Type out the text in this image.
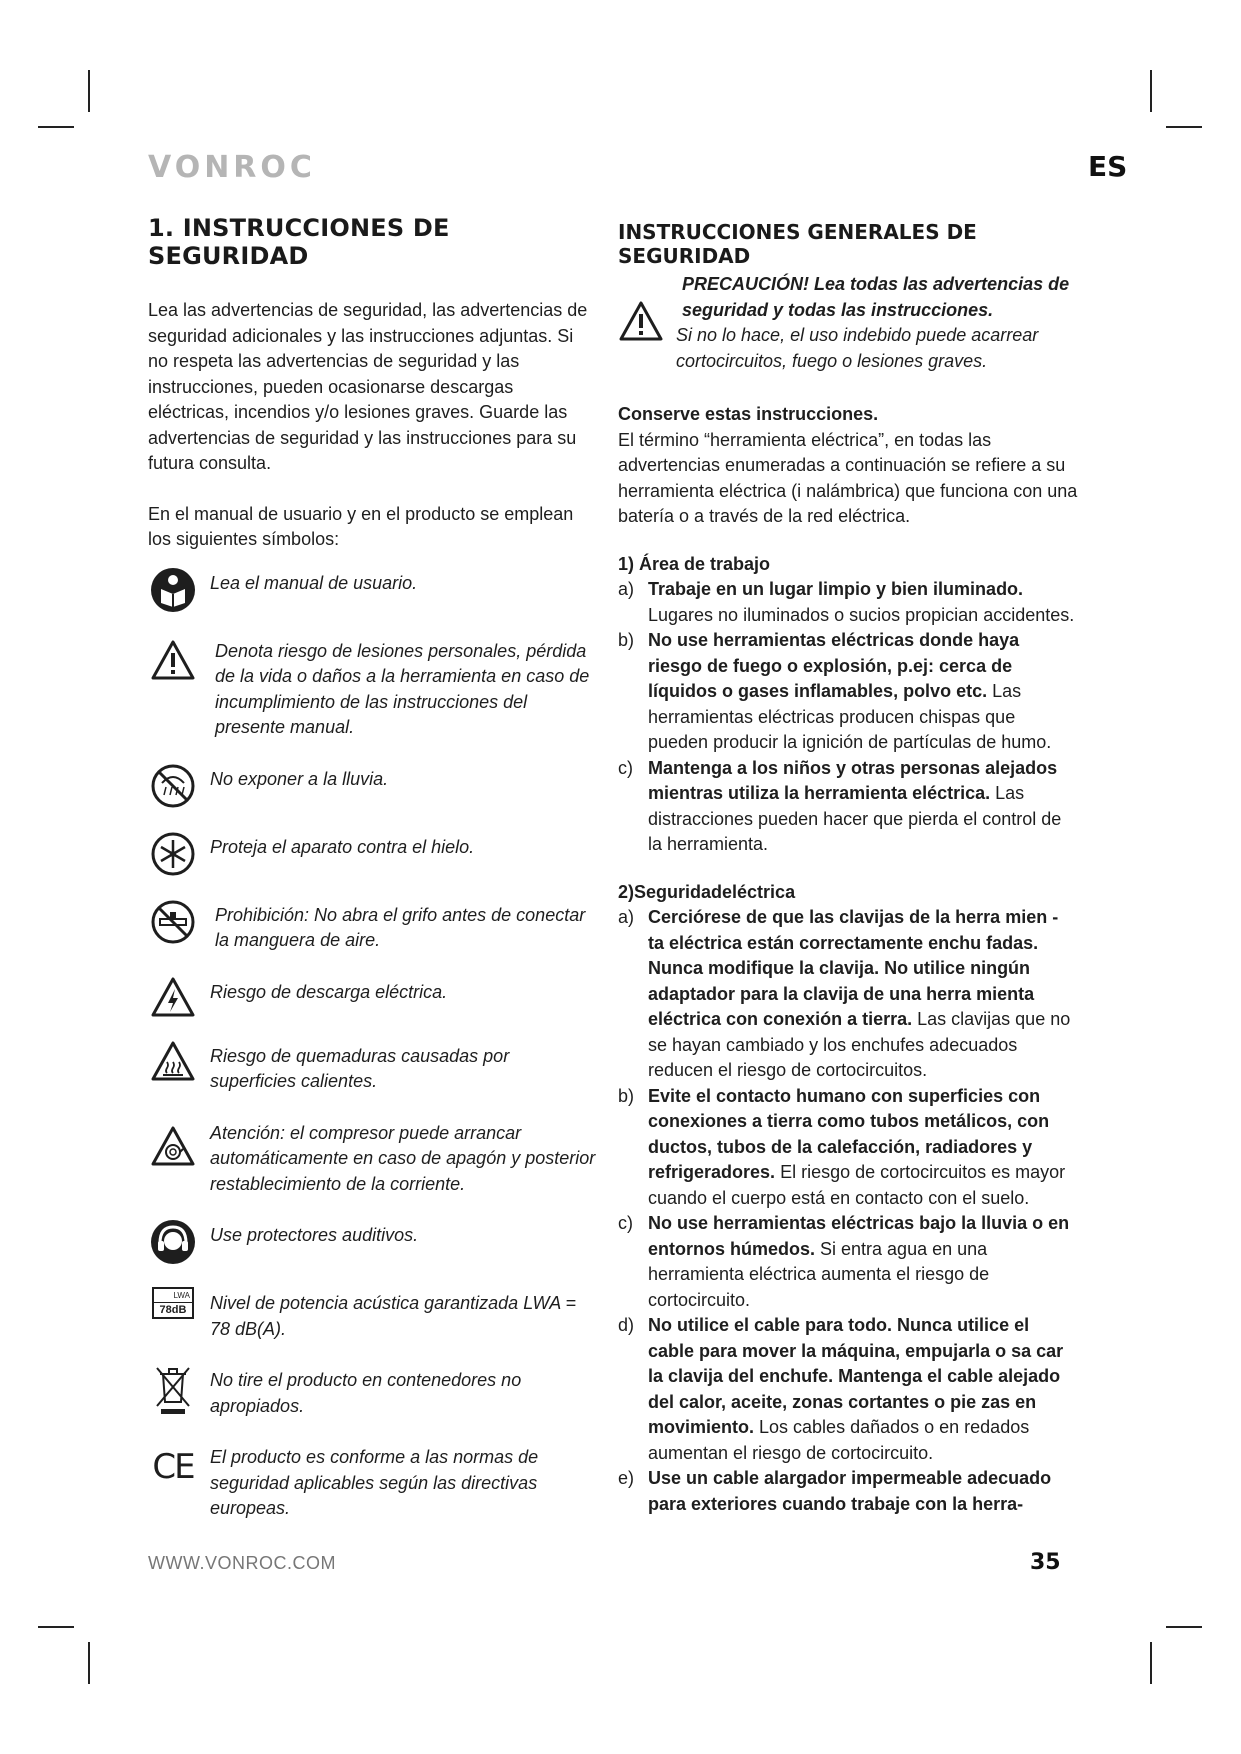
VONROC	ES
1. INSTRUCCIONES DE SEGURIDAD

Lea las advertencias de seguridad, las advertencias de seguridad adicionales y las instrucciones adjuntas. Si no respeta las advertencias de seguridad y las instrucciones, pueden ocasionarse descargas eléctricas, incendios y/o lesiones graves. Guarde las advertencias de seguridad y las instrucciones para su futura consulta.

En el manual de usuario y en el producto se emplean los siguientes símbolos:

Lea el manual de usuario.
Denota riesgo de lesiones personales, pérdida de la vida o daños a la herramienta en caso de incumplimiento de las instrucciones del presente manual.
No exponer a la lluvia.
Proteja el aparato contra el hielo.
Prohibición: No abra el grifo antes de conectar la manguera de aire.
Riesgo de descarga eléctrica.
Riesgo de quemaduras causadas por superficies calientes.
Atención: el compresor puede arrancar automáticamente en caso de apagón y posterior restablecimiento de la corriente.
Use protectores auditivos.
LWA
78dB	Nivel de potencia acústica garantizada LWA = 78 dB(A).
No tire el producto en contenedores no apropiados.
CE El producto es conforme a las normas de seguridad aplicables según las directivas europeas.
INSTRUCCIONES GENERALES DE SEGURIDAD
PRECAUCIÓN! Lea todas las advertencias de seguridad y todas las instrucciones.
Si no lo hace, el uso indebido puede acarrear cortocircuitos, fuego o lesiones graves.

Conserve estas instrucciones.

El término “herramienta eléctrica”, en todas las advertencias enumeradas a continuación se refiere a su herramienta eléctrica (i nalámbrica) que funciona con una batería o a través de la red eléctrica.

1) Área de trabajo
a) Trabaje en un lugar limpio y bien iluminado. Lugares no iluminados o sucios propician accidentes.
b) No use herramientas eléctricas donde haya riesgo de fuego o explosión, p.ej: cerca de líquidos o gases inflamables, polvo etc. Las herramientas eléctricas producen chispas que pueden producir la ignición de partículas de humo.
c) Mantenga a los niños y otras personas alejados mientras utiliza la herramienta eléctrica. Las distracciones pueden hacer que pierda el control de la herramienta.
2)Seguridadeléctrica
a) Cerciórese de que las clavijas de la herra mien - ta eléctrica están correctamente enchu fadas. Nunca modifique la clavija. No utilice ningún adaptador para la clavija de una herra mienta eléctrica con conexión a tierra. Las clavijas que no se hayan cambiado y los enchufes adecuados reducen el riesgo de cortocircuitos.
b) Evite el contacto humano con superficies con conexiones a tierra como tubos metálicos, con ductos, tubos de la calefacción, radiadores y refrigeradores. El riesgo de cortocircuitos es mayor cuando el cuerpo está en contacto con el suelo.
c) No use herramientas eléctricas bajo la lluvia o en entornos húmedos. Si entra agua en una herramienta eléctrica aumenta el riesgo de cortocircuito.
d) No utilice el cable para todo. Nunca utilice el cable para mover la máquina, empujarla o sa car la clavija del enchufe. Mantenga el cable alejado del calor, aceite, zonas cortantes o pie zas en movimiento. Los cables dañados o en redados aumentan el riesgo de cortocircuito.
e) Use un cable alargador impermeable adecuado para exteriores cuando trabaje con la herra-
WWW.VONROC.COM	35
